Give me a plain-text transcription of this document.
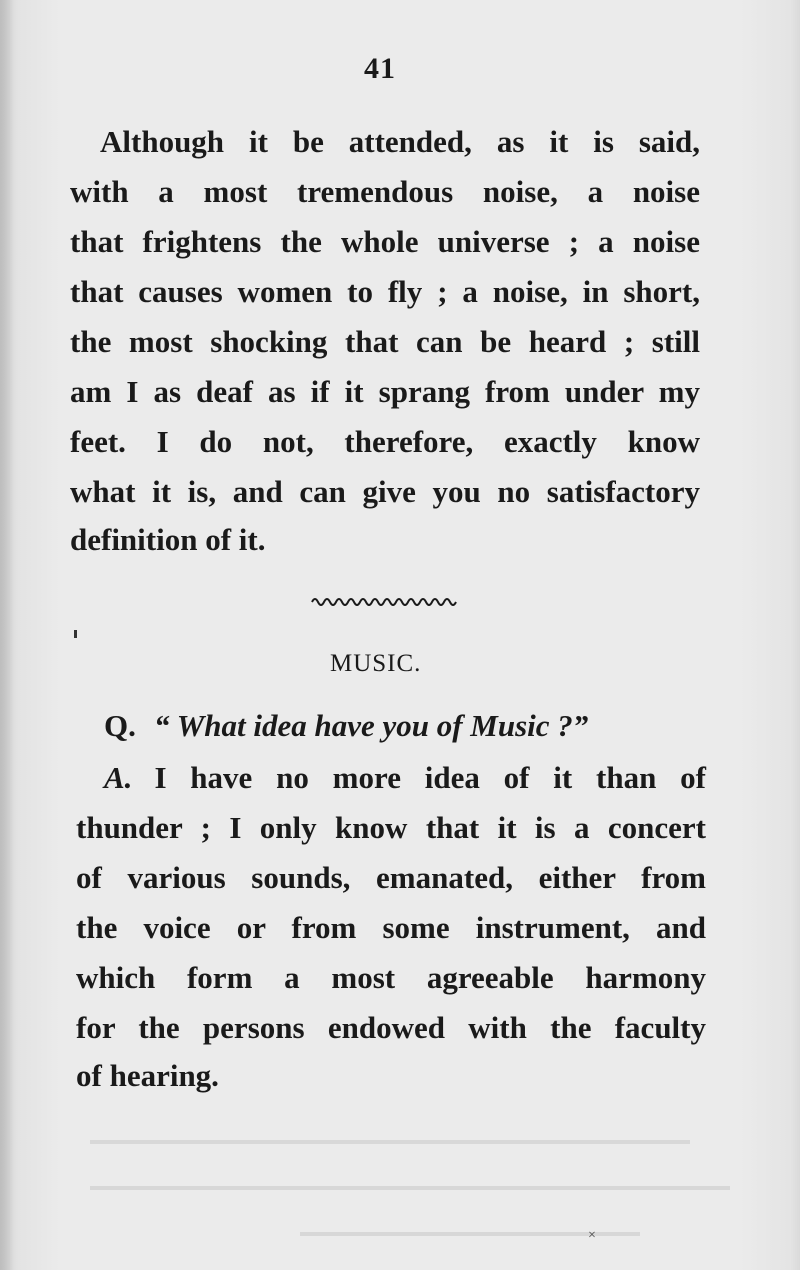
41
Although it be attended, as it is said,
with a most tremendous noise, a noise
that frightens the whole universe ; a noise
that causes women to fly ; a noise, in short,
the most shocking that can be heard ; still
am I as deaf as if it sprang from under my
feet. I do not, therefore, exactly know
what it is, and can give you no satisfactory
definition of it.
MUSIC.
Q. “ What idea have you of Music ?”
A. I have no more idea of it than of
thunder ; I only know that it is a concert
of various sounds, emanated, either from
the voice or from some instrument, and
which form a most agreeable harmony
for the persons endowed with the faculty
of hearing.
×
